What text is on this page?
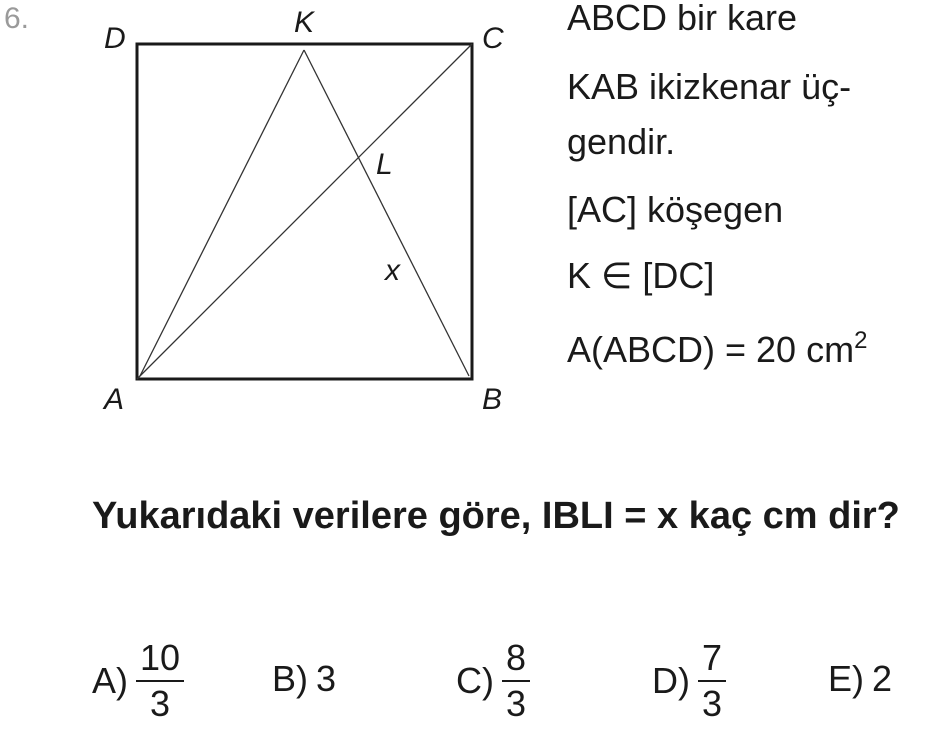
6.
D	K	C
L
x
A	B
ABCD bir kare
KAB ikizkenar üç-
gendir.
[AC] köşegen
K ∈ [DC]
A(ABCD) = 20 $cm^2$
Yukarıdaki verilere göre, IBLI = x kaç cm dir?
$A) \frac{10}{3} B$) 3	$C) \frac{8}{3}$	$D) \frac{7}{3}$	E) 2
